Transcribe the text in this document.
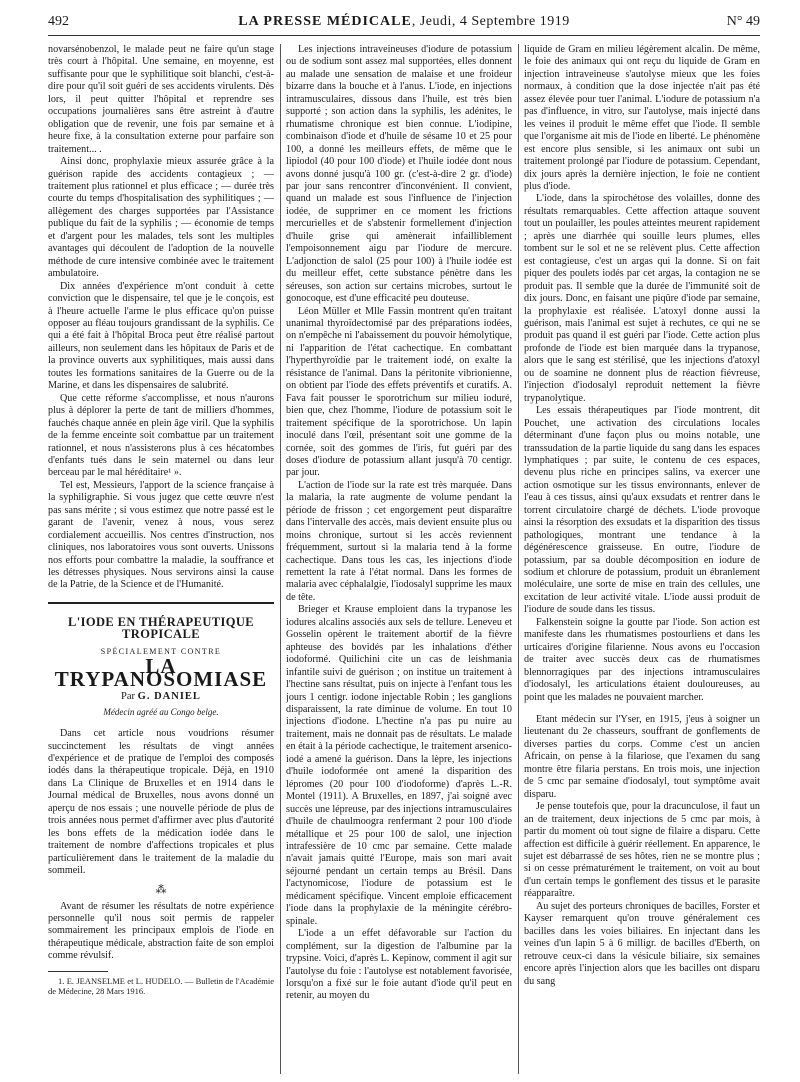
492	LA PRESSE MÉDICALE, Jeudi, 4 Septembre 1919	N° 49

novarsénobenzol, le malade peut ne faire qu'un stage très court à l'hôpital. Une semaine, en moyenne, est suffisante pour que le syphilitique soit blanchi, c'est-à-dire pour qu'il soit guéri de ses accidents virulents. Dès lors, il peut quitter l'hôpital et reprendre ses occupations journalières sans être astreint à d'autre obligation que de revenir, une fois par semaine et à heure fixe, à la consultation externe pour parfaire son traitement... .

Ainsi donc, prophylaxie mieux assurée grâce à la guérison rapide des accidents contagieux ; — traitement plus rationnel et plus efficace ; — durée très courte du temps d'hospitalisation des syphilitiques ; — allègement des charges supportées par l'Assistance publique du fait de la syphilis ; — économie de temps et d'argent pour les malades, tels sont les multiples avantages qui découlent de l'adoption de la nouvelle méthode de cure intensive combinée avec le traitement ambulatoire.

Dix années d'expérience m'ont conduit à cette conviction que le dispensaire, tel que je le conçois, est à l'heure actuelle l'arme le plus efficace qu'on puisse opposer au fléau toujours grandissant de la syphilis. Ce qui a été fait à l'hôpital Broca peut être réalisé partout ailleurs, non seulement dans les hôpitaux de Paris et de la province ouverts aux syphilitiques, mais aussi dans toutes les formations sanitaires de la Guerre ou de la Marine, et dans les dispensaires de salubrité.

Que cette réforme s'accomplisse, et nous n'aurons plus à déplorer la perte de tant de milliers d'hommes, fauchés chaque année en plein âge viril. Que la syphilis de la femme enceinte soit combattue par un traitement rationnel, et nous n'assisterons plus à ces hécatombes d'enfants tués dans le sein maternel ou dans leur berceau par le mal héréditaire¹ ».

Tel est, Messieurs, l'apport de la science française à la syphiligraphie. Si vous jugez que cette œuvre n'est pas sans mérite ; si vous estimez que notre passé est le garant de l'avenir, venez à nous, vous serez cordialement accueillis. Nos centres d'instruction, nos cliniques, nos laboratoires vous sont ouverts. Unissons nos efforts pour combattre la maladie, la souffrance et les détresses physiques. Nous servirons ainsi la cause de la Patrie, de la Science et de l'Humanité.

L'IODE EN THÉRAPEUTIQUE TROPICALE

SPÉCIALEMENT CONTRE

LA TRYPANOSOMIASE

Par G. DANIEL

Médecin agréé au Congo belge.

Dans cet article nous voudrions résumer succinctement les résultats de vingt années d'expérience et de pratique de l'emploi des composés iodés dans la thérapeutique tropicale. Déjà, en 1910 dans La Clinique de Bruxelles et en 1914 dans le Journal médical de Bruxelles, nous avons donné un aperçu de nos essais ; une nouvelle période de plus de trois années nous permet d'affirmer avec plus d'autorité les bons effets de la médication iodée dans le traitement de nombre d'affections tropicales et plus particulièrement dans le traitement de la maladie du sommeil.

⁂

Avant de résumer les résultats de notre expérience personnelle qu'il nous soit permis de rappeler sommairement les principaux emplois de l'iode en thérapeutique médicale, abstraction faite de son emploi comme révulsif.

1. E. JEANSELME et L. HUDELO. — Bulletin de l'Académie de Médecine, 28 Mars 1916.

Les injections intraveineuses d'iodure de potassium ou de sodium sont assez mal supportées, elles donnent au malade une sensation de malaise et une froideur bizarre dans la bouche et à l'anus. L'iode, en injections intramusculaires, dissous dans l'huile, est très bien supporté ; son action dans la syphilis, les adénites, le rhumatisme chronique est bien connue. L'iodipine, combinaison d'iode et d'huile de sésame 10 et 25 pour 100, a donné les meilleurs effets, de même que le lipiodol (40 pour 100 d'iode) et l'huile iodée dont nous avons donné jusqu'à 100 gr. (c'est-à-dire 2 gr. d'iode) par jour sans rencontrer d'inconvénient. Il convient, quand un malade est sous l'influence de l'injection iodée, de supprimer en ce moment les frictions mercurielles et de s'abstenir formellement d'injection d'huile grise qui amènerait infailliblement l'empoisonnement aigu par l'iodure de mercure. L'adjonction de salol (25 pour 100) à l'huile iodée est du meilleur effet, cette substance pénètre dans les séreuses, son action sur certains microbes, surtout le gonocoque, est d'une efficacité peu douteuse.

Léon Müller et Mlle Fassin montrent qu'en traitant unanimal thyroïdectomisé par des préparations iodées, on n'empêche ni l'abaissement du pouvoir hémolytique, ni l'apparition de l'état cachectique. En combattant l'hyperthyroïdie par le traitement iodé, on exalte la résistance de l'animal. Dans la péritonite vibrionienne, on obtient par l'iode des effets préventifs et curatifs. A. Fava fait pousser le sporotrichum sur milieu ioduré, bien que, chez l'homme, l'iodure de potassium soit le traitement spécifique de la sporotrichose. Un lapin inoculé dans l'œil, présentant soit une gomme de la cornée, soit des gommes de l'iris, fut guéri par des doses d'iodure de potassium allant jusqu'à 70 centigr. par jour.

L'action de l'iode sur la rate est très marquée. Dans la malaria, la rate augmente de volume pendant la période de frisson ; cet engorgement peut disparaître dans l'intervalle des accès, mais devient ensuite plus ou moins chronique, surtout si les accès reviennent fréquemment, surtout si la malaria tend à la forme cachectique. Dans tous les cas, les injections d'iode remettent la rate à l'état normal. Dans les formes de malaria avec céphalalgie, l'iodosalyl supprime les maux de tête.

Brieger et Krause emploient dans la trypanose les iodures alcalins associés aux sels de tellure. Leneveu et Gosselin opèrent le traitement abortif de la fièvre aphteuse des bovidés par les inhalations d'éther iodoformé. Quilichini cite un cas de leishmania infantile suivi de guérison ; on institue un traitement à l'hectine sans résultat, puis on injecte à l'enfant tous les jours 1 centigr. iodone injectable Robin ; les ganglions disparaissent, la rate diminue de volume. En tout 10 injections d'iodone. L'hectine n'a pas pu nuire au traitement, mais ne donnait pas de résultats. Le malade en était à la période cachectique, le traitement arsenico-iodé a amené la guérison. Dans la lèpre, les injections d'huile iodoformée ont amené la disparition des lépromes (20 pour 100 d'iodoforme) d'après L.-R. Montel (1911). A Bruxelles, en 1897, j'ai soigné avec succès une lépreuse, par des injections intramusculaires d'huile de chaulmoogra renfermant 2 pour 100 d'iode métallique et 25 pour 100 de salol, une injection intrafessière de 10 cmc par semaine. Cette malade n'avait jamais quitté l'Europe, mais son mari avait séjourné pendant un certain temps au Brésil. Dans l'actynomicose, l'iodure de potassium est le médicament spécifique. Vincent emploie efficacement l'iode dans la prophylaxie de la méningite cérébro-spinale.

L'iode a un effet défavorable sur l'action du complément, sur la digestion de l'albumine par la trypsine. Voici, d'après L. Kepinow, comment il agit sur l'autolyse du foie : l'autolyse est notablement favorisée, lorsqu'on a fixé sur le foie autant d'iode qu'il peut en retenir, au moyen du

liquide de Gram en milieu légèrement alcalin. De même, le foie des animaux qui ont reçu du liquide de Gram en injection intraveineuse s'autolyse mieux que les foies normaux, à condition que la dose injectée n'ait pas été assez élevée pour tuer l'animal. L'iodure de potassium n'a pas d'influence, in vitro, sur l'autolyse, mais injecté dans les veines il produit le même effet que l'iode. Il semble que l'organisme ait mis de l'iode en liberté. Le phénomène est encore plus sensible, si les animaux ont subi un traitement prolongé par l'iodure de potassium. Cependant, dix jours après la dernière injection, le foie ne contient plus d'iode.

L'iode, dans la spirochétose des volailles, donne des résultats remarquables. Cette affection attaque souvent tout un poulailler, les poules atteintes meurent rapidement ; après une diarrhée qui souille leurs plumes, elles tombent sur le sol et ne se relèvent plus. Cette affection est contagieuse, c'est un argas qui la donne. Si on fait piquer des poulets iodés par cet argas, la contagion ne se produit pas. Il semble que la durée de l'immunité soit de dix jours. Donc, en faisant une piqûre d'iode par semaine, la prophylaxie est réalisée. L'atoxyl donne aussi la guérison, mais l'animal est sujet à rechutes, ce qui ne se produit pas quand il est guéri par l'iode. Cette action plus profonde de l'iode est bien marquée dans la trypanose, alors que le sang est stérilisé, que les injections d'atoxyl ou de soamine ne donnent plus de réaction fiévreuse, l'injection d'iodosalyl reproduit nettement la fièvre trypanolytique.

Les essais thérapeutiques par l'iode montrent, dit Pouchet, une activation des circulations locales déterminant d'une façon plus ou moins notable, une transsudation de la partie liquide du sang dans les espaces lymphatiques ; par suite, le contenu de ces espaces, devenu plus riche en principes salins, va exercer une action osmotique sur les tissus environnants, enlever de l'eau à ces tissus, ainsi qu'aux exsudats et rentrer dans le torrent circulatoire chargé de déchets. L'iode provoque ainsi la résorption des exsudats et la disparition des tissus pathologiques, montrant une tendance à la dégénérescence graisseuse. En outre, l'iodure de potassium, par sa double décomposition en iodure de sodium et chlorure de potassium, produit un ébranlement moléculaire, une sorte de mise en train des cellules, une excitation de leur activité vitale. L'iode aussi produit de l'iodure de soude dans les tissus.

Falkenstein soigne la goutte par l'iode. Son action est manifeste dans les rhumatismes postourliens et dans les urticaires d'origine filarienne. Nous avons eu l'occasion de traiter avec succès deux cas de rhumatismes blennorragiques par des injections intramusculaires d'iodosalyl, les articulations étaient douloureuses, au point que les malades ne pouvaient marcher.

Etant médecin sur l'Yser, en 1915, j'eus à soigner un lieutenant du 2e chasseurs, souffrant de gonflements de diverses parties du corps. Comme c'est un ancien Africain, on pense à la filariose, que l'examen du sang montre être filaria perstans. En trois mois, une injection de 5 cmc par semaine d'iodosalyl, tout symptôme avait disparu.

Je pense toutefois que, pour la dracunculose, il faut un an de traitement, deux injections de 5 cmc par mois, à partir du moment où tout signe de filaire a disparu. Cette affection est difficile à guérir réellement. En apparence, le sujet est débarrassé de ses hôtes, rien ne se montre plus ; si on cesse prématurément le traitement, on voit au bout d'un certain temps le gonflement des tissus et le parasite réapparaître.

Au sujet des porteurs chroniques de bacilles, Forster et Kayser remarquent qu'on trouve généralement ces bacilles dans les voies biliaires. En injectant dans les veines d'un lapin 5 à 6 milligr. de bacilles d'Eberth, on retrouve ceux-ci dans la vésicule biliaire, six semaines encore après l'injection alors que les bacilles ont disparu du sang
